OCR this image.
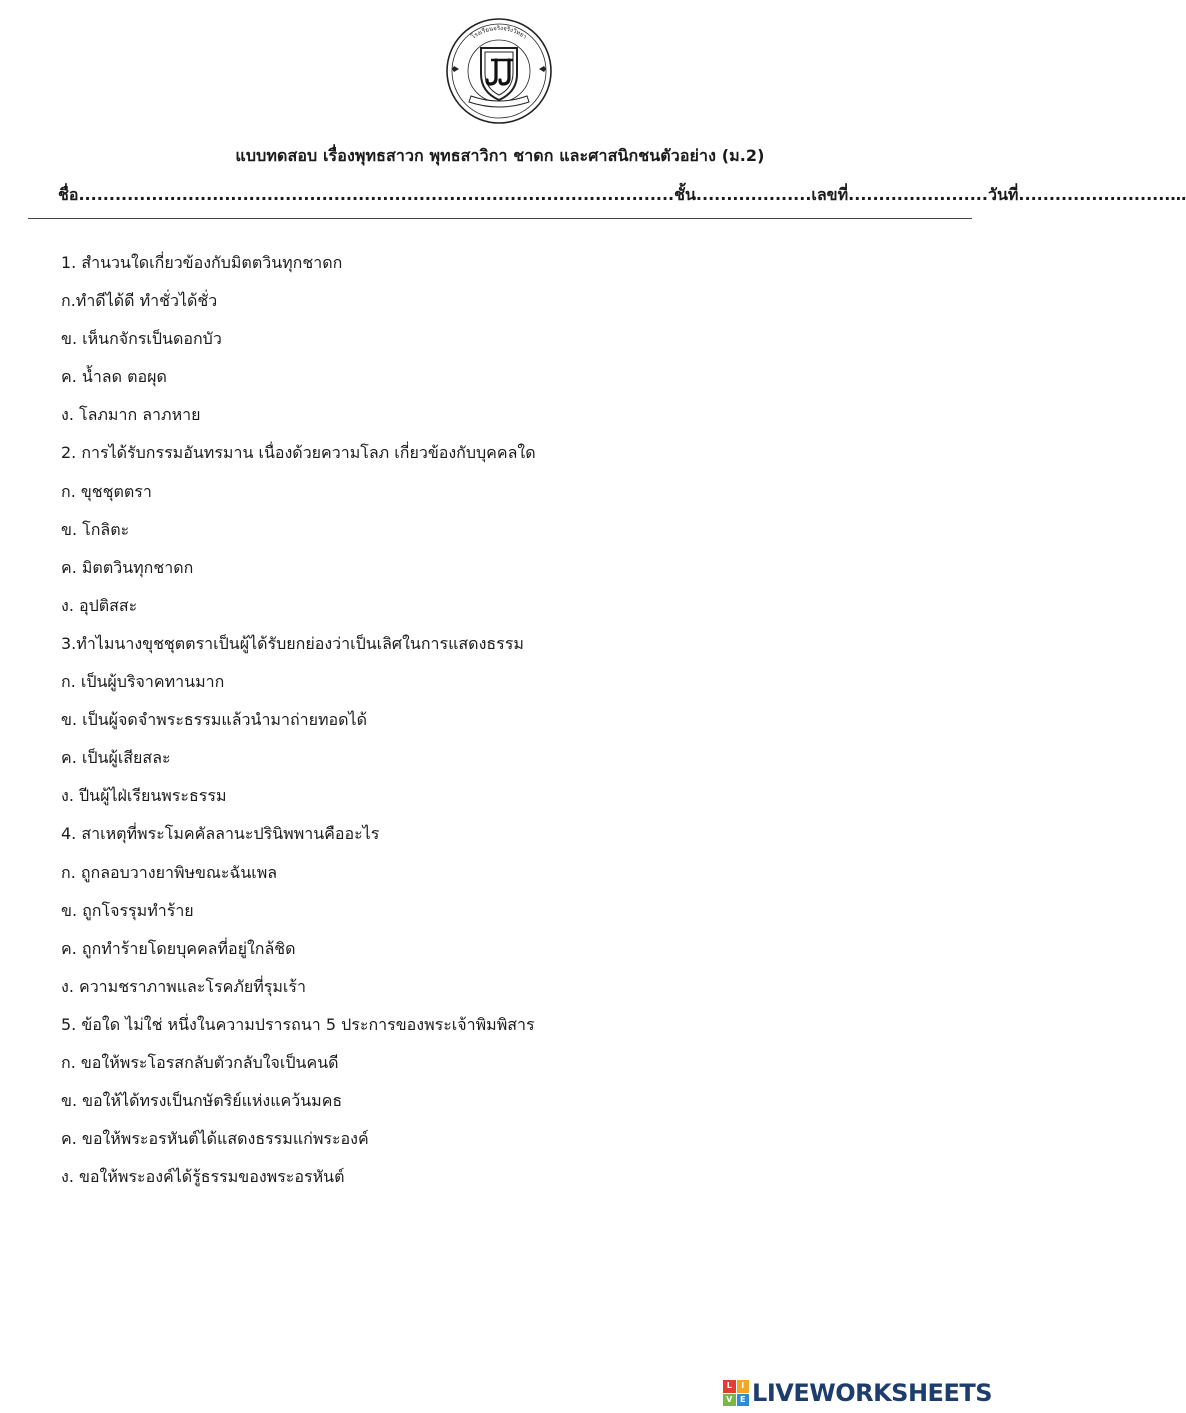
โรงเรียนจริงจริงวิทยา
แบบทดสอบ เรื่องพุทธสาวก พุทธสาวิกา ชาดก และศาสนิกชนตัวอย่าง (ม.2)
ชื่อ..................................................................................................ชั้น...................เลขที่.......................วันที่.........................…
1. สำนวนใดเกี่ยวข้องกับมิตตวินทุกชาดก
ก.ทำดีได้ดี ทำชั่วได้ชั่ว
ข. เห็นกจักรเป็นดอกบัว
ค. น้ำลด ตอผุด
ง. โลภมาก ลาภหาย
2. การได้รับกรรมอันทรมาน เนื่องด้วยความโลภ เกี่ยวข้องกับบุคคลใด
ก. ขุชชุตตรา
ข. โกลิตะ
ค. มิตตวินทุกชาดก
ง. อุปติสสะ
3.ทำไมนางขุชชุตตราเป็นผู้ได้รับยกย่องว่าเป็นเลิศในการแสดงธรรม
ก. เป็นผู้บริจาคทานมาก
ข. เป็นผู้จดจำพระธรรมแล้วนำมาถ่ายทอดได้
ค. เป็นผู้เสียสละ
ง. ปีนผู้ไฝ่เรียนพระธรรม
4. สาเหตุที่พระโมคคัลลานะปรินิพพานคืออะไร
ก. ถูกลอบวางยาพิษขณะฉันเพล
ข. ถูกโจรรุมทำร้าย
ค. ถูกทำร้ายโดยบุคคลที่อยู่ใกล้ชิด
ง. ความชราภาพและโรคภัยที่รุมเร้า
5. ข้อใด ไม่ใช่ หนึ่งในความปรารถนา 5 ประการของพระเจ้าพิมพิสาร
ก. ขอให้พระโอรสกลับตัวกลับใจเป็นคนดี
ข. ขอให้ได้ทรงเป็นกษัตริย์แห่งแคว้นมคธ
ค. ขอให้พระอรหันต์ได้แสดงธรรมแก่พระองค์
ง. ขอให้พระองค์ได้รู้ธรรมของพระอรหันต์
L	I
V E LIVEWORKSHEETS
